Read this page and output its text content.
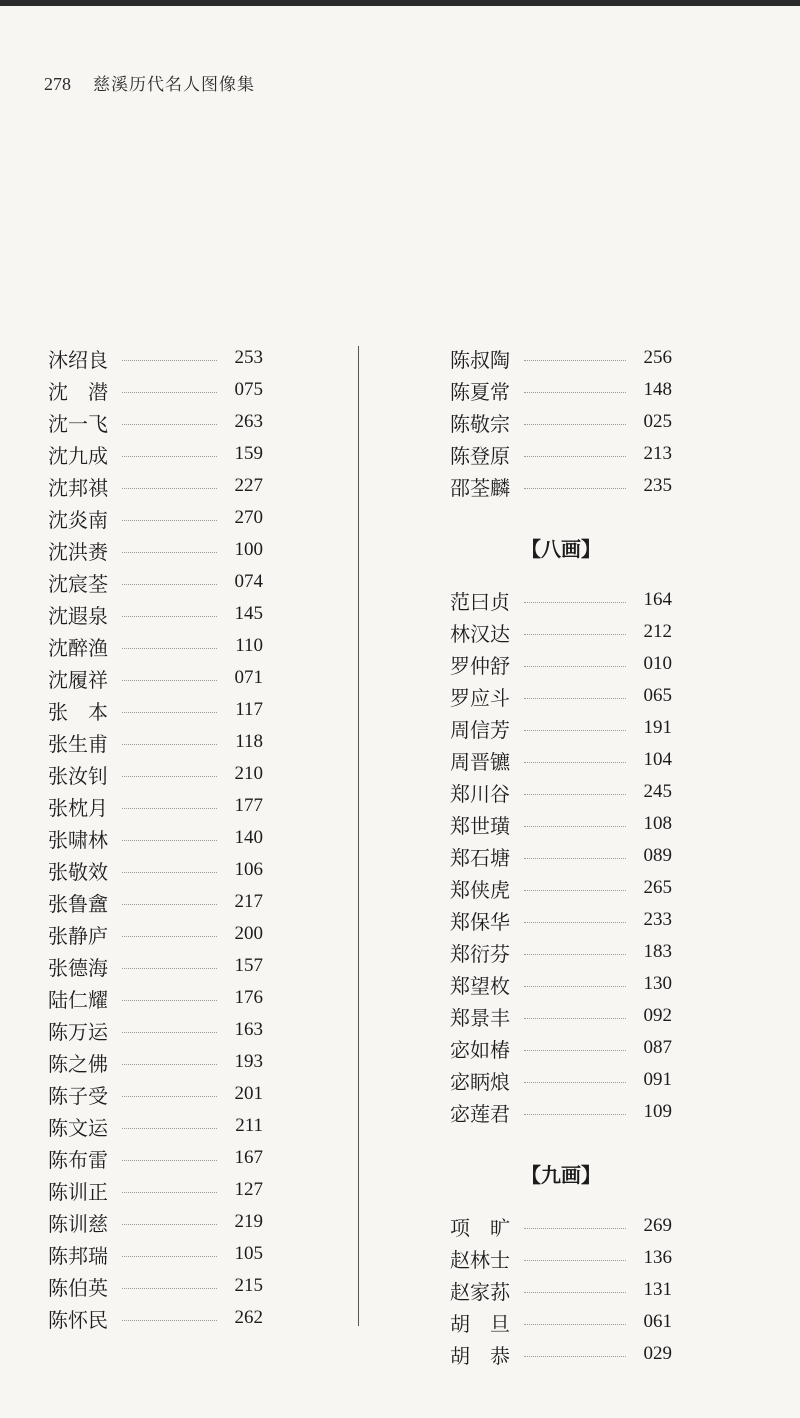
278 慈溪历代名人图像集
沐绍良	253
沈　潜	075
沈一飞	263
沈九成	159
沈邦祺	227
沈炎南	270
沈洪赉	100
沈宸荃	074
沈遐泉	145
沈醉渔	110
沈履祥	071
张　本	117
张生甫	118
张汝钊	210
张枕月	177
张啸林	140
张敬效	106
张鲁盦	217
张静庐	200
张德海	157
陆仁耀	176
陈万运	163
陈之佛	193
陈子受	201
陈文运	211
陈布雷	167
陈训正	127
陈训慈	219
陈邦瑞	105
陈伯英	215
陈怀民	262
陈叔陶	256
陈夏常	148
陈敬宗	025
陈登原	213
邵荃麟	235
【八画】
范曰贞	164
林汉达	212
罗仲舒	010
罗应斗	065
周信芳	191
周晋镳	104
郑川谷	245
郑世璜	108
郑石塘	089
郑侠虎	265
郑保华	233
郑衍芬	183
郑望枚	130
郑景丰	092
宓如椿	087
宓眪烺	091
宓莲君	109
【九画】
项　旷	269
赵林士	136
赵家荪	131
胡　旦	061
胡　恭	029
